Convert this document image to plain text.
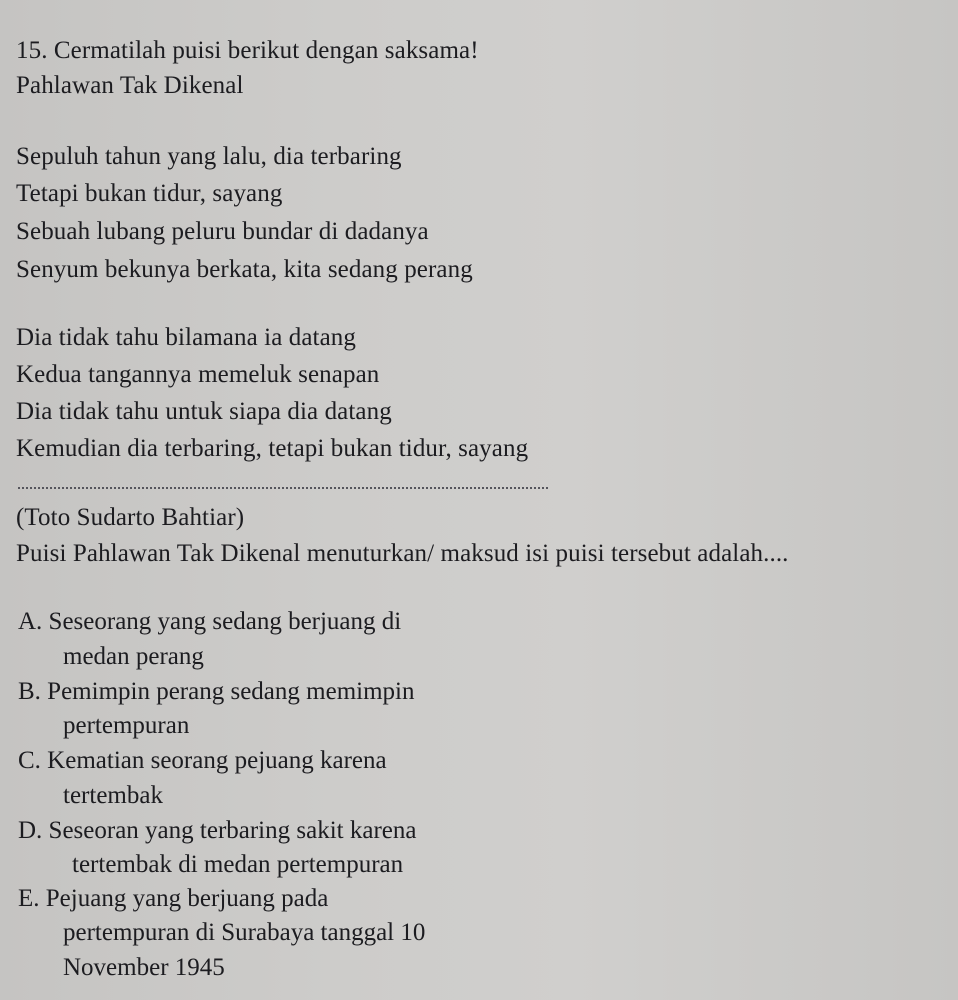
15. Cermatilah puisi berikut dengan saksama!
Pahlawan Tak Dikenal
Sepuluh tahun yang lalu, dia terbaring
Tetapi bukan tidur, sayang
Sebuah lubang peluru bundar di dadanya
Senyum bekunya berkata, kita sedang perang
Dia tidak tahu bilamana ia datang
Kedua tangannya memeluk senapan
Dia tidak tahu untuk siapa dia datang
Kemudian dia terbaring, tetapi bukan tidur, sayang
(Toto Sudarto Bahtiar)
Puisi Pahlawan Tak Dikenal menuturkan/ maksud isi puisi tersebut adalah....
A. Seseorang yang sedang berjuang di
medan perang
B. Pemimpin perang sedang memimpin
pertempuran
C. Kematian seorang pejuang karena
tertembak
D. Seseoran yang terbaring sakit karena
tertembak di medan pertempuran
E. Pejuang yang berjuang pada
pertempuran di Surabaya tanggal 10
November 1945
